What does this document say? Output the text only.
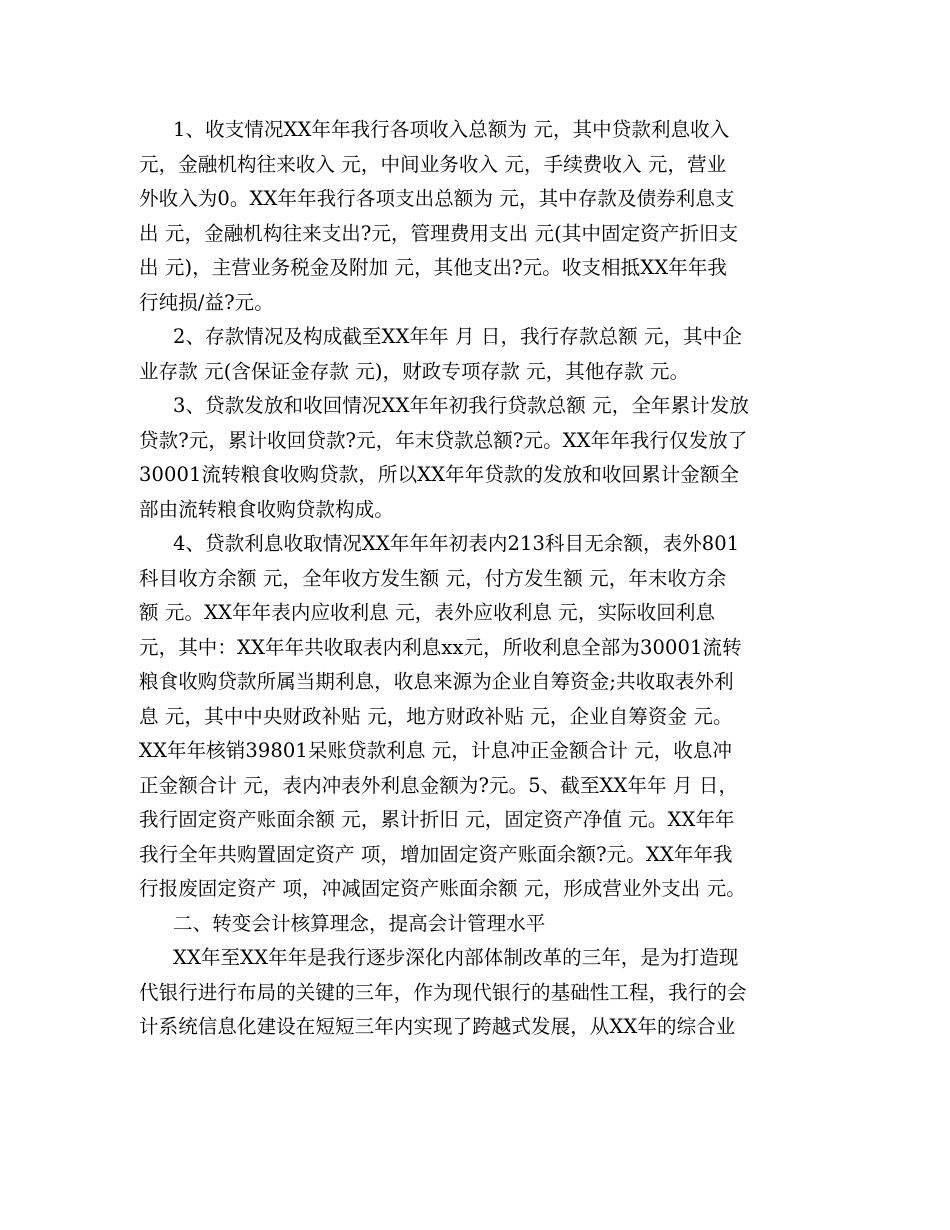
1、收支情况XX年年我行各项收入总额为 元，其中贷款利息收入
元，金融机构往来收入 元，中间业务收入 元，手续费收入 元，营业
外收入为0。XX年年我行各项支出总额为 元，其中存款及债券利息支
出 元，金融机构往来支出?元，管理费用支出 元(其中固定资产折旧支
出 元)，主营业务税金及附加 元，其他支出?元。收支相抵XX年年我
行纯损/益?元。
2、存款情况及构成截至XX年年 月 日，我行存款总额 元，其中企
业存款 元(含保证金存款 元)，财政专项存款 元，其他存款 元。
3、贷款发放和收回情况XX年年初我行贷款总额 元，全年累计发放
贷款?元，累计收回贷款?元，年末贷款总额?元。XX年年我行仅发放了
30001流转粮食收购贷款，所以XX年年贷款的发放和收回累计金额全
部由流转粮食收购贷款构成。
4、贷款利息收取情况XX年年年初表内213科目无余额，表外801
科目收方余额 元，全年收方发生额 元，付方发生额 元，年末收方余
额 元。XX年年表内应收利息 元，表外应收利息 元，实际收回利息
元，其中：XX年年共收取表内利息xx元，所收利息全部为30001流转
粮食收购贷款所属当期利息，收息来源为企业自筹资金;共收取表外利
息 元，其中中央财政补贴 元，地方财政补贴 元，企业自筹资金 元。
XX年年核销39801呆账贷款利息 元，计息冲正金额合计 元，收息冲
正金额合计 元，表内冲表外利息金额为?元。5、截至XX年年 月 日，
我行固定资产账面余额 元，累计折旧 元，固定资产净值 元。XX年年
我行全年共购置固定资产 项，增加固定资产账面余额?元。XX年年我
行报废固定资产 项，冲减固定资产账面余额 元，形成营业外支出 元。
二、转变会计核算理念，提高会计管理水平
XX年至XX年年是我行逐步深化内部体制改革的三年，是为打造现
代银行进行布局的关键的三年，作为现代银行的基础性工程，我行的会
计系统信息化建设在短短三年内实现了跨越式发展，从XX年的综合业
